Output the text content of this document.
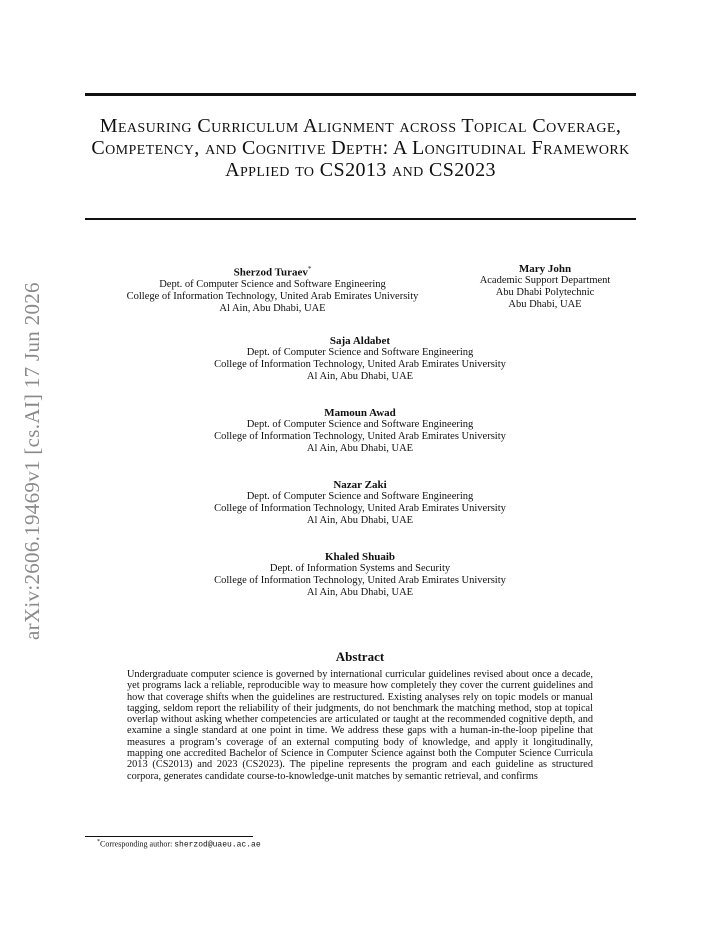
arXiv:2606.19469v1 [cs.AI] 17 Jun 2026
Measuring Curriculum Alignment across Topical Coverage, Competency, and Cognitive Depth: A Longitudinal Framework Applied to CS2013 and CS2023
Sherzod Turaev*
Dept. of Computer Science and Software Engineering
College of Information Technology, United Arab Emirates University
Al Ain, Abu Dhabi, UAE
Mary John
Academic Support Department
Abu Dhabi Polytechnic
Abu Dhabi, UAE
Saja Aldabet
Dept. of Computer Science and Software Engineering
College of Information Technology, United Arab Emirates University
Al Ain, Abu Dhabi, UAE
Mamoun Awad
Dept. of Computer Science and Software Engineering
College of Information Technology, United Arab Emirates University
Al Ain, Abu Dhabi, UAE
Nazar Zaki
Dept. of Computer Science and Software Engineering
College of Information Technology, United Arab Emirates University
Al Ain, Abu Dhabi, UAE
Khaled Shuaib
Dept. of Information Systems and Security
College of Information Technology, United Arab Emirates University
Al Ain, Abu Dhabi, UAE
Abstract
Undergraduate computer science is governed by international curricular guidelines revised about once a decade, yet programs lack a reliable, reproducible way to measure how completely they cover the current guidelines and how that coverage shifts when the guidelines are restructured. Existing analyses rely on topic models or manual tagging, seldom report the reliability of their judgments, do not benchmark the matching method, stop at topical overlap without asking whether competencies are articulated or taught at the recommended cognitive depth, and examine a single standard at one point in time. We address these gaps with a human-in-the-loop pipeline that measures a program’s coverage of an external computing body of knowledge, and apply it longitudinally, mapping one accredited Bachelor of Science in Computer Science against both the Computer Science Curricula 2013 (CS2013) and 2023 (CS2023). The pipeline represents the program and each guideline as structured corpora, generates candidate course-to-knowledge-unit matches by semantic retrieval, and confirms
*Corresponding author: sherzod@uaeu.ac.ae
